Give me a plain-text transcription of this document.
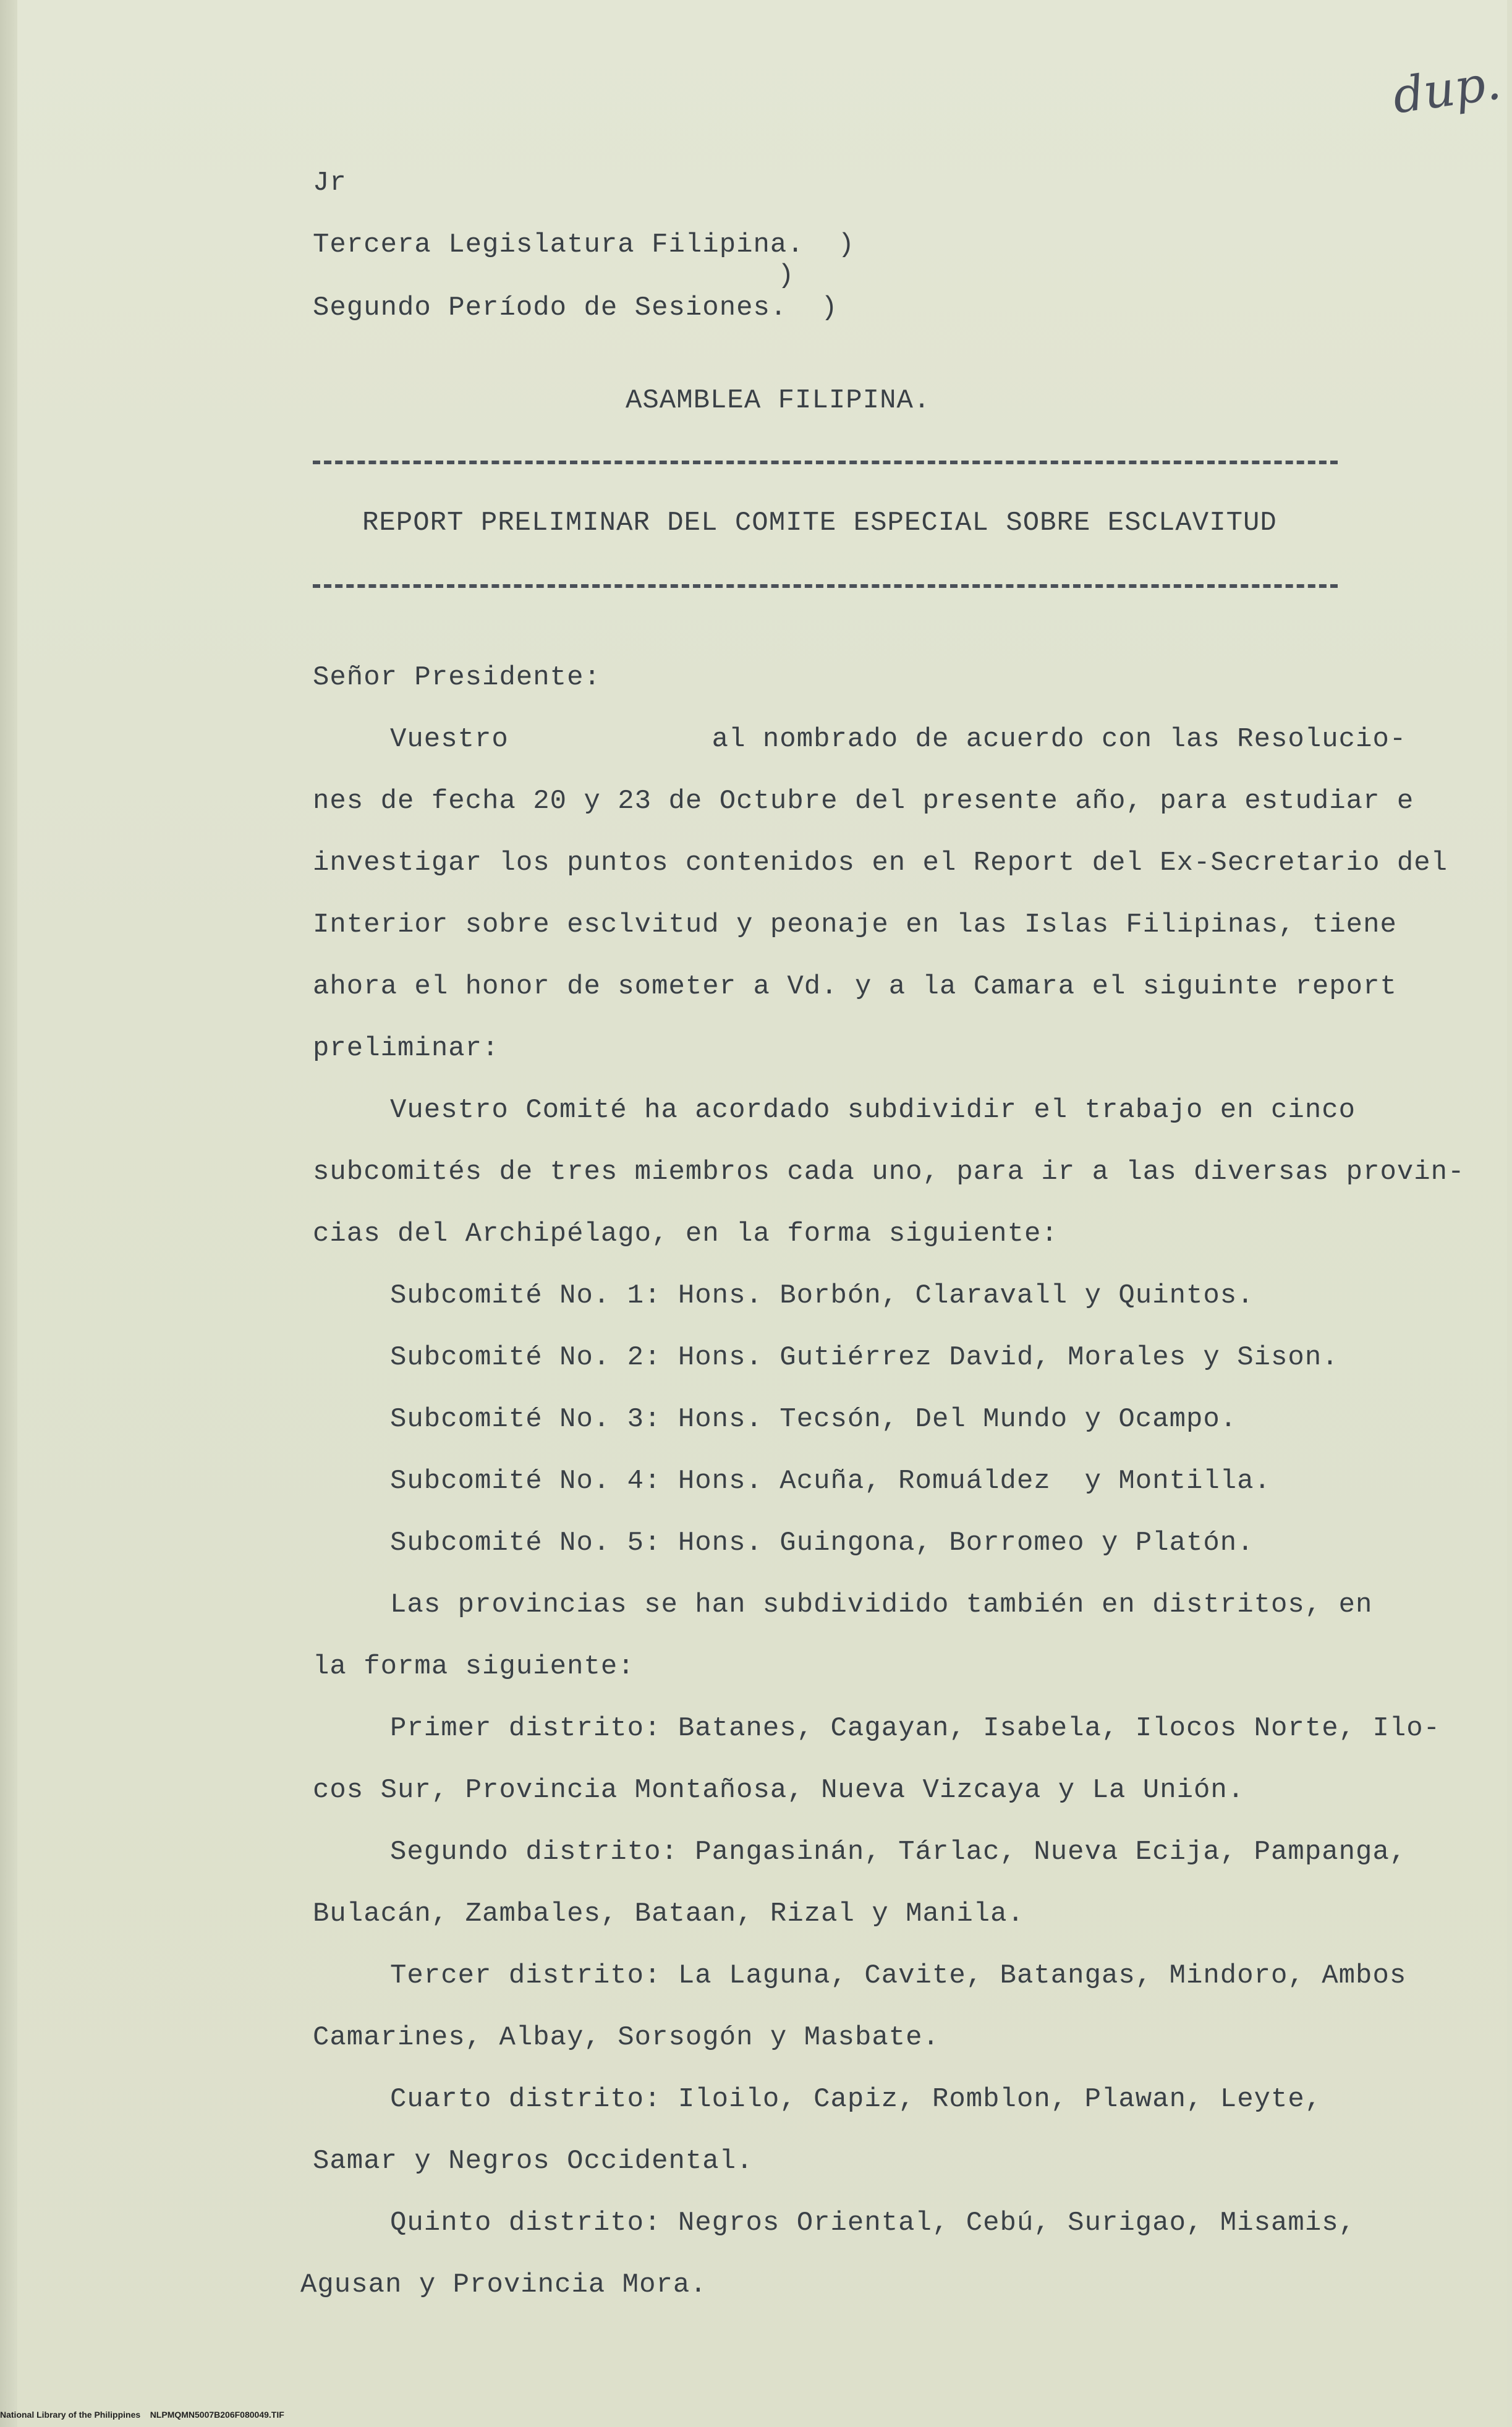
dup.
Jr
Tercera Legislatura Filipina.  )
)
Segundo Período de Sesiones.  )
ASAMBLEA FILIPINA.
REPORT PRELIMINAR DEL COMITE ESPECIAL SOBRE ESCLAVITUD
Señor Presidente:
Vuestro            al nombrado de acuerdo con las Resolucio-
nes de fecha 20 y 23 de Octubre del presente año, para estudiar e
investigar los puntos contenidos en el Report del Ex-Secretario del
Interior sobre esclvitud y peonaje en las Islas Filipinas, tiene
ahora el honor de someter a Vd. y a la Camara el siguinte report
preliminar:
Vuestro Comité ha acordado subdividir el trabajo en cinco
subcomités de tres miembros cada uno, para ir a las diversas provin-
cias del Archipélago, en la forma siguiente:
Subcomité No. 1: Hons. Borbón, Claravall y Quintos.
Subcomité No. 2: Hons. Gutiérrez David, Morales y Sison.
Subcomité No. 3: Hons. Tecsón, Del Mundo y Ocampo.
Subcomité No. 4: Hons. Acuña, Romuáldez  y Montilla.
Subcomité No. 5: Hons. Guingona, Borromeo y Platón.
Las provincias se han subdividido también en distritos, en
la forma siguiente:
Primer distrito: Batanes, Cagayan, Isabela, Ilocos Norte, Ilo-
cos Sur, Provincia Montañosa, Nueva Vizcaya y La Unión.
Segundo distrito: Pangasinán, Tárlac, Nueva Ecija, Pampanga,
Bulacán, Zambales, Bataan, Rizal y Manila.
Tercer distrito: La Laguna, Cavite, Batangas, Mindoro, Ambos
Camarines, Albay, Sorsogón y Masbate.
Cuarto distrito: Iloilo, Capiz, Romblon, Plawan, Leyte,
Samar y Negros Occidental.
Quinto distrito: Negros Oriental, Cebú, Surigao, Misamis,
Agusan y Provincia Mora.
National Library of the Philippines    NLPMQMN5007B206F080049.TIF
